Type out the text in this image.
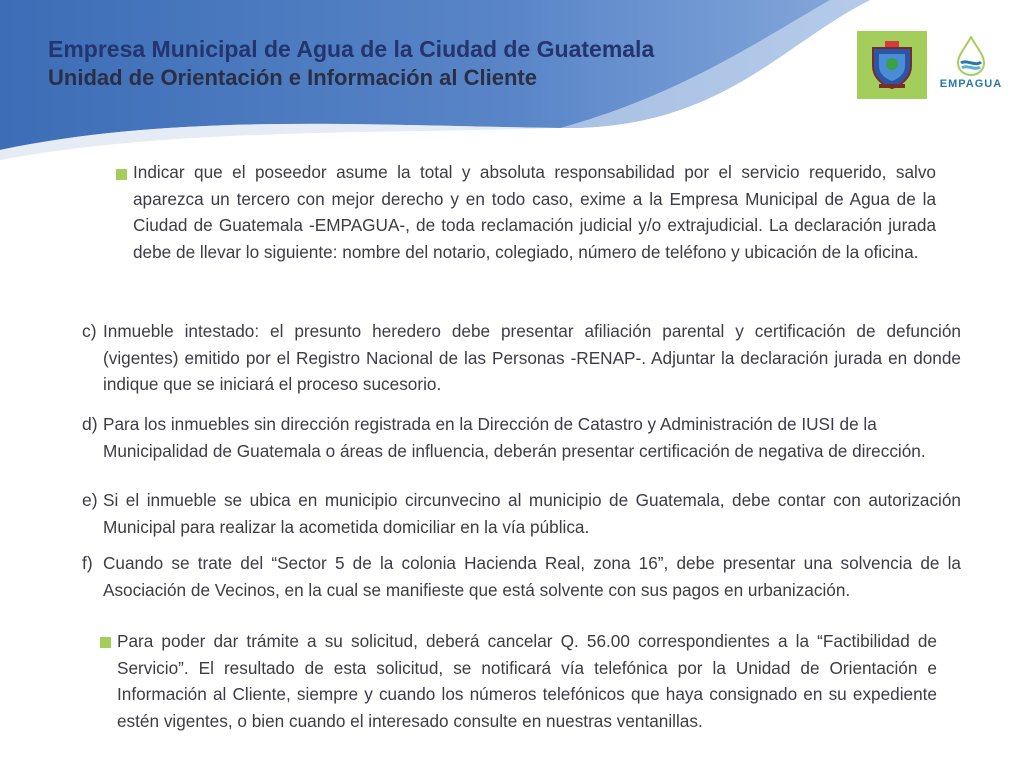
Empresa Municipal de Agua de la Ciudad de Guatemala
Unidad de Orientación e Información al Cliente	EMPAGUA

Indicar que el poseedor asume la total y absoluta responsabilidad por el servicio requerido, salvo aparezca un tercero con mejor derecho y en todo caso, exime a la Empresa Municipal de Agua de la Ciudad de Guatemala -EMPAGUA-, de toda reclamación judicial y/o extrajudicial. La declaración jurada debe de llevar lo siguiente: nombre del notario, colegiado, número de teléfono y ubicación de la oficina.

c) Inmueble intestado: el presunto heredero debe presentar afiliación parental y certificación de defunción (vigentes) emitido por el Registro Nacional de las Personas -RENAP-. Adjuntar la declaración jurada en donde indique que se iniciará el proceso sucesorio.

d) Para los inmuebles sin dirección registrada en la Dirección de Catastro y Administración de IUSI de la Municipalidad de Guatemala o áreas de influencia, deberán presentar certificación de negativa de dirección.

e) Si el inmueble se ubica en municipio circunvecino al municipio de Guatemala, debe contar con autorización Municipal para realizar la acometida domiciliar en la vía pública.

f) Cuando se trate del “Sector 5 de la colonia Hacienda Real, zona 16”, debe presentar una solvencia de la Asociación de Vecinos, en la cual se manifieste que está solvente con sus pagos en urbanización.

Para poder dar trámite a su solicitud, deberá cancelar Q. 56.00 correspondientes a la “Factibilidad de Servicio”. El resultado de esta solicitud, se notificará vía telefónica por la Unidad de Orientación e Información al Cliente, siempre y cuando los números telefónicos que haya consignado en su expediente estén vigentes, o bien cuando el interesado consulte en nuestras ventanillas.
